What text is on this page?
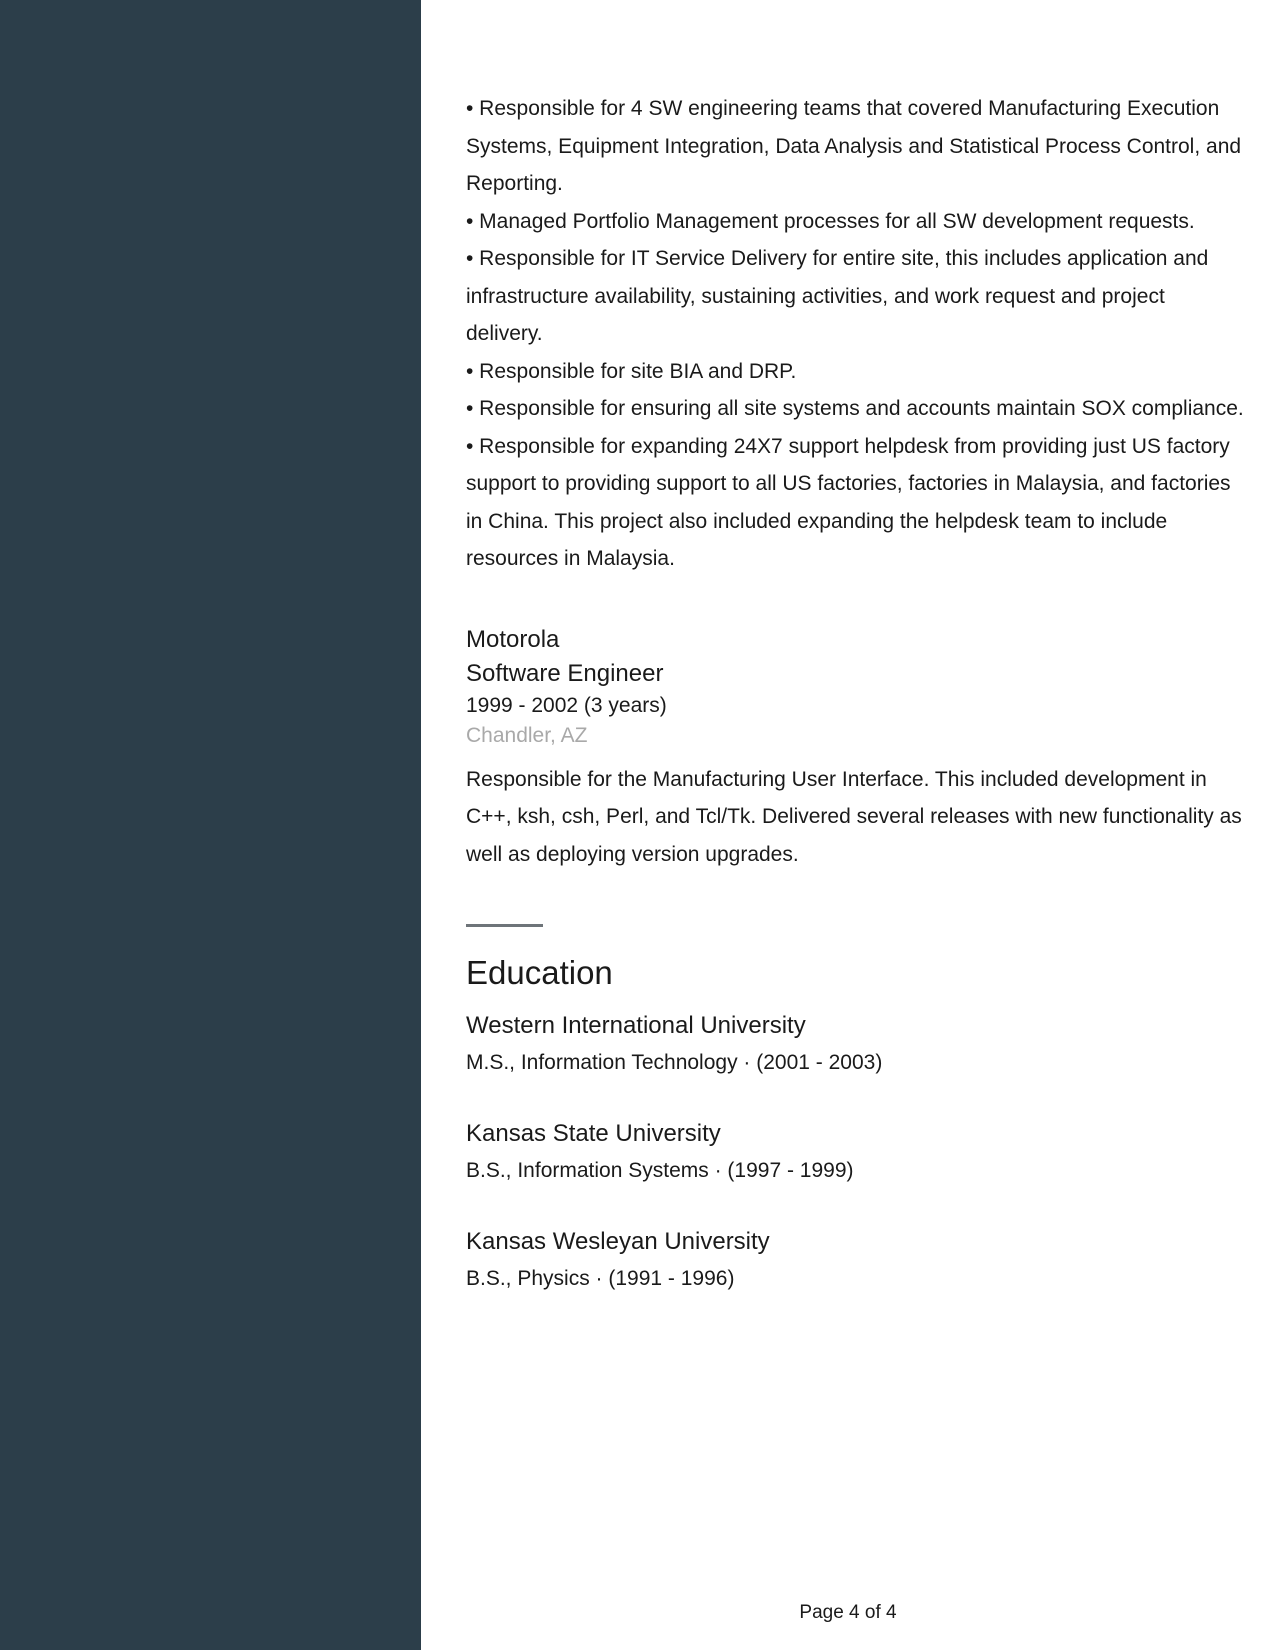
• Responsible for 4 SW engineering teams that covered Manufacturing Execution Systems, Equipment Integration, Data Analysis and Statistical Process Control, and Reporting.

• Managed Portfolio Management processes for all SW development requests.

• Responsible for IT Service Delivery for entire site, this includes application and infrastructure availability, sustaining activities, and work request and project delivery.

• Responsible for site BIA and DRP.

• Responsible for ensuring all site systems and accounts maintain SOX compliance.

• Responsible for expanding 24X7 support helpdesk from providing just US factory support to providing support to all US factories, factories in Malaysia, and factories in China. This project also included expanding the helpdesk team to include resources in Malaysia.

Motorola
Software Engineer
1999 - 2002 (3 years)
Chandler, AZ
Responsible for the Manufacturing User Interface. This included development in C++, ksh, csh, Perl, and Tcl/Tk. Delivered several releases with new functionality as well as deploying version upgrades.
Education
Western International University
M.S., Information Technology · (2001 - 2003)
Kansas State University
B.S., Information Systems · (1997 - 1999)
Kansas Wesleyan University
B.S., Physics · (1991 - 1996)
Page 4 of 4
